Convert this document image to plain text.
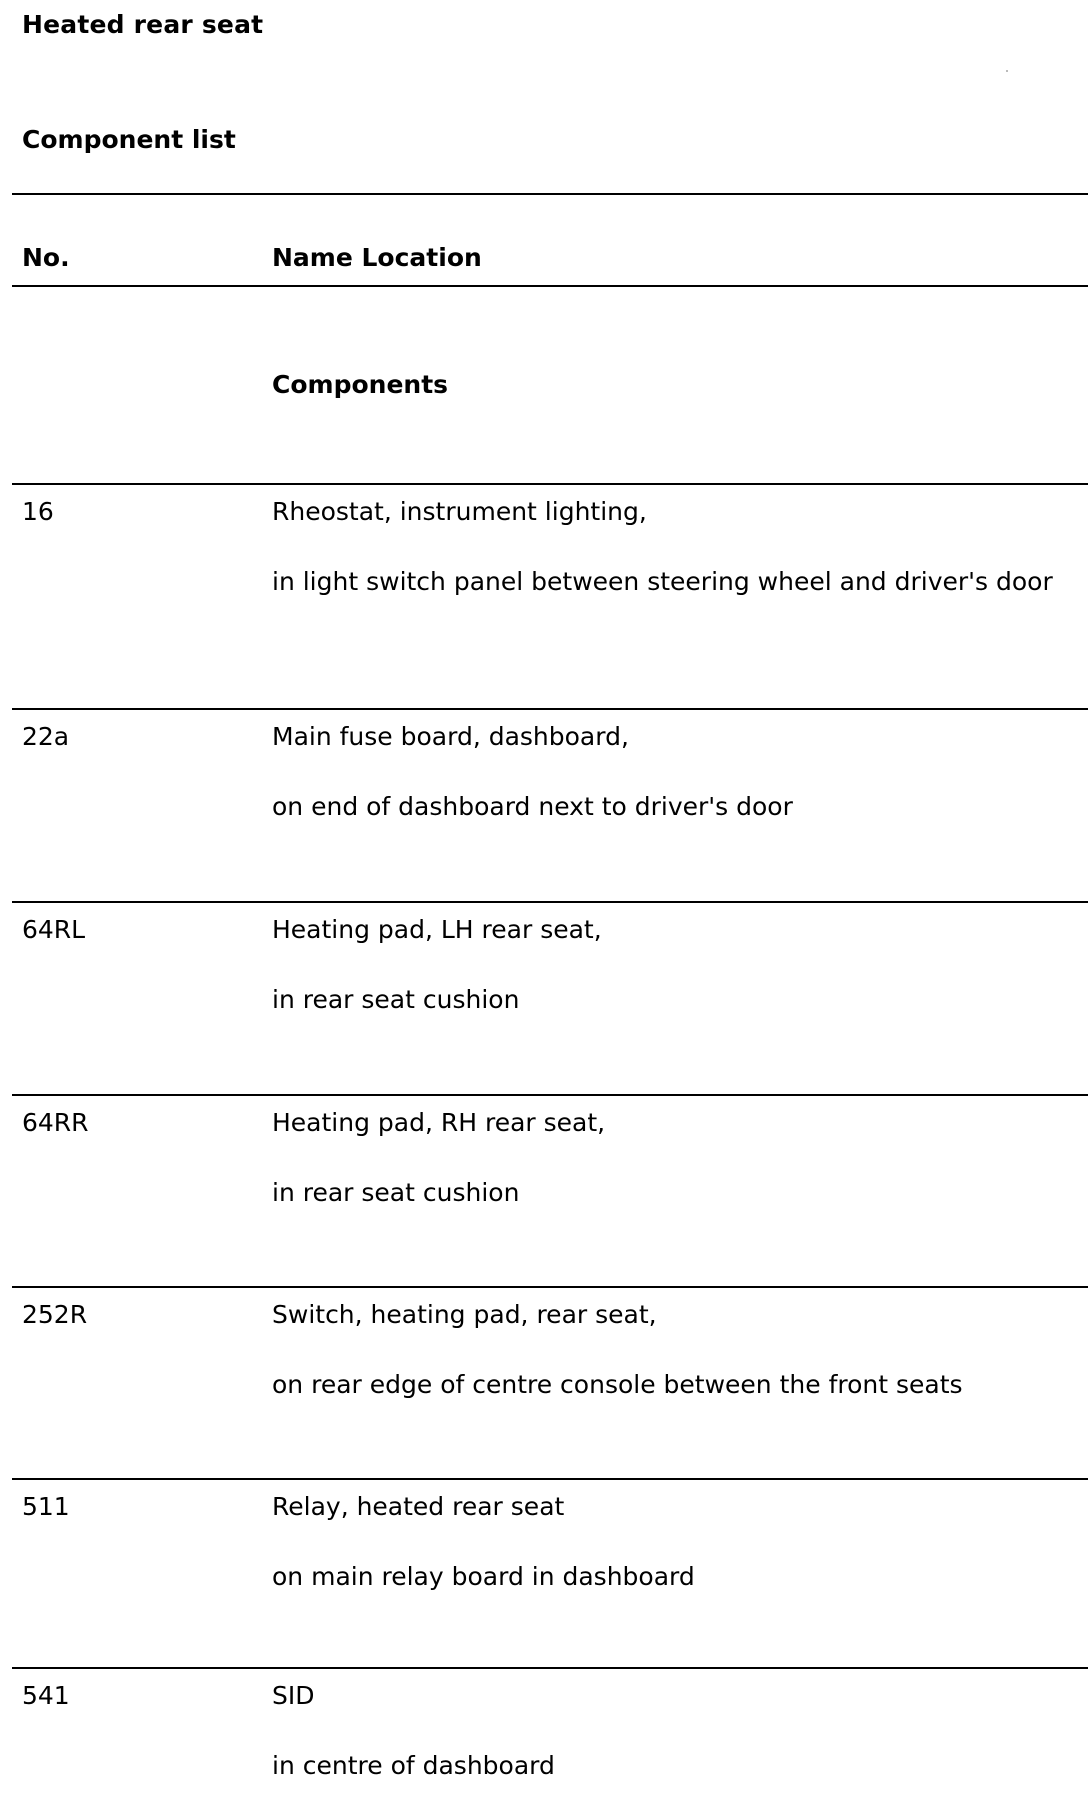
Heated rear seat
Component list
No.	Name Location
Components
16	Rheostat, instrument lighting,
in light switch panel between steering wheel and driver's door
22a	Main fuse board, dashboard,
on end of dashboard next to driver's door
64RL	Heating pad, LH rear seat,
in rear seat cushion
64RR	Heating pad, RH rear seat,
in rear seat cushion
252R	Switch, heating pad, rear seat,
on rear edge of centre console between the front seats
511	Relay, heated rear seat
on main relay board in dashboard
541	SID
in centre of dashboard
